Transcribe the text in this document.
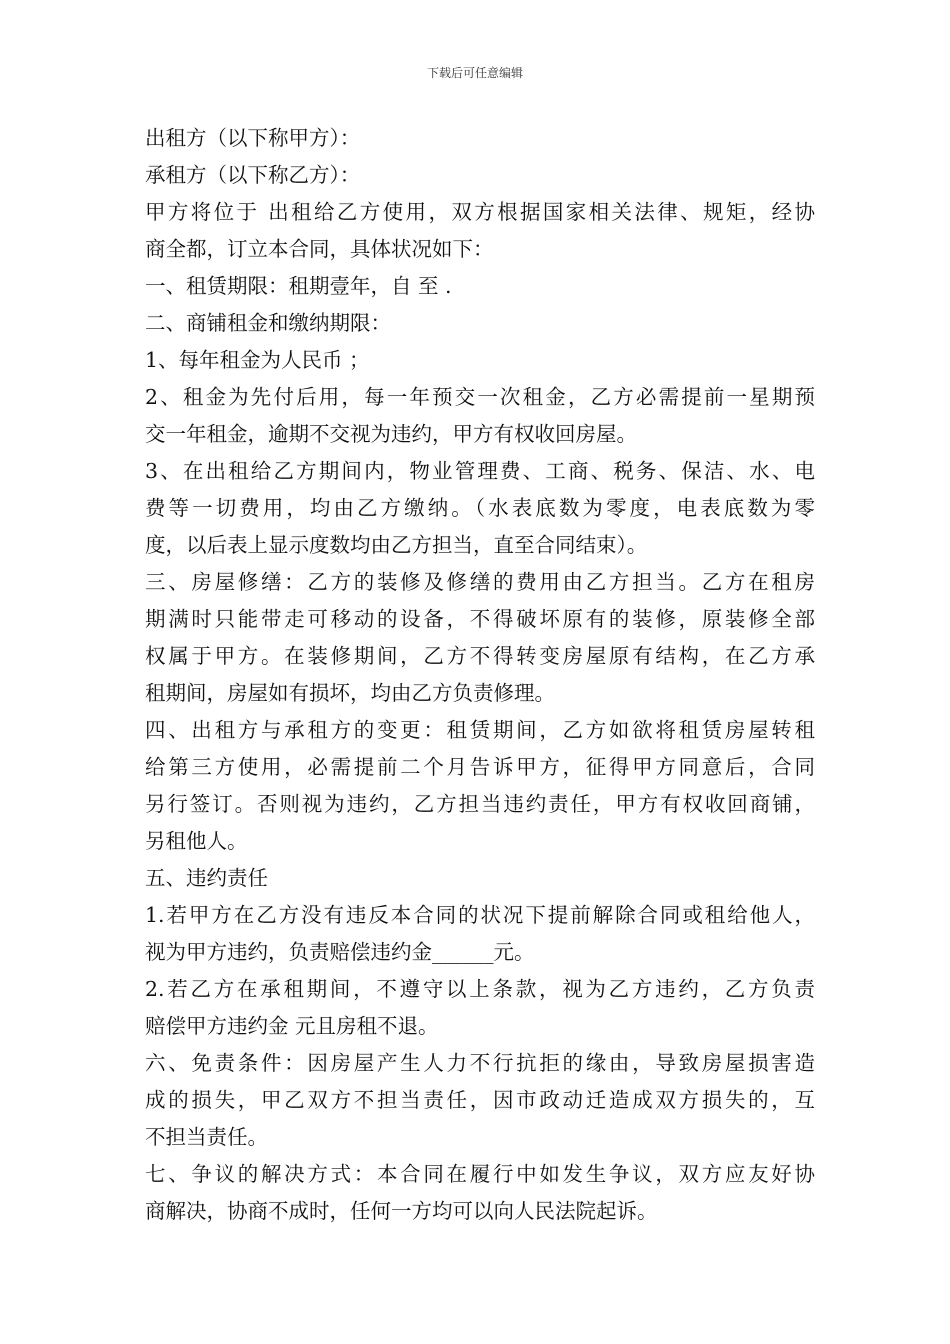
下载后可任意编辑
出租方（以下称甲方）：
承租方（以下称乙方）：
甲方将位于 出租给乙方使用，双方根据国家相关法律、规矩，经协
商全都，订立本合同，具体状况如下：
一、租赁期限：租期壹年，自 至 .
二、商铺租金和缴纳期限：
1、每年租金为人民币 ；
2、租金为先付后用，每一年预交一次租金，乙方必需提前一星期预
交一年租金，逾期不交视为违约，甲方有权收回房屋。
3、在出租给乙方期间内，物业管理费、工商、税务、保洁、水、电
费等一切费用，均由乙方缴纳。（水表底数为零度，电表底数为零
度，以后表上显示度数均由乙方担当，直至合同结束）。
三、房屋修缮：乙方的装修及修缮的费用由乙方担当。乙方在租房
期满时只能带走可移动的设备，不得破坏原有的装修，原装修全部
权属于甲方。在装修期间，乙方不得转变房屋原有结构，在乙方承
租期间，房屋如有损坏，均由乙方负责修理。
四、出租方与承租方的变更：租赁期间，乙方如欲将租赁房屋转租
给第三方使用，必需提前二个月告诉甲方，征得甲方同意后，合同
另行签订。否则视为违约，乙方担当违约责任，甲方有权收回商铺，
另租他人。
五、违约责任
1.若甲方在乙方没有违反本合同的状况下提前解除合同或租给他人，
视为甲方违约，负责赔偿违约金______元。
2.若乙方在承租期间，不遵守以上条款，视为乙方违约，乙方负责
赔偿甲方违约金 元且房租不退。
六、免责条件：因房屋产生人力不行抗拒的缘由，导致房屋损害造
成的损失，甲乙双方不担当责任，因市政动迁造成双方损失的，互
不担当责任。
七、争议的解决方式：本合同在履行中如发生争议，双方应友好协
商解决，协商不成时，任何一方均可以向人民法院起诉。
